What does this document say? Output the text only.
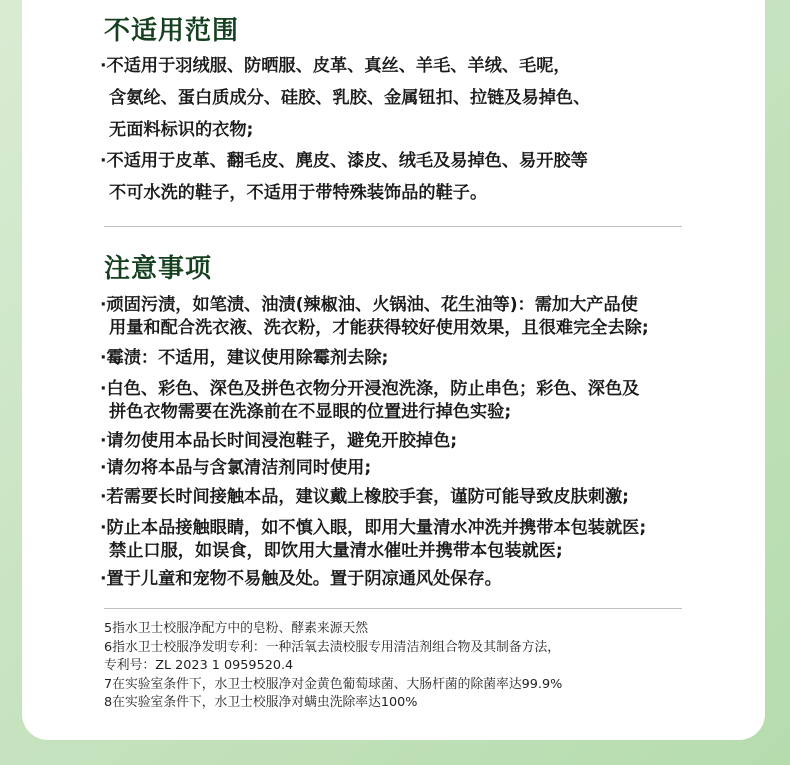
不适用范围

·不适用于羽绒服、防晒服、皮革、真丝、羊毛、羊绒、毛呢，

含氨纶、蛋白质成分、硅胶、乳胶、金属钮扣、拉链及易掉色、

无面料标识的衣物;

·不适用于皮革、翻毛皮、麂皮、漆皮、绒毛及易掉色、易开胶等

不可水洗的鞋子，不适用于带特殊装饰品的鞋子。

注意事项

·顽固污渍，如笔渍、油渍(辣椒油、火锅油、花生油等)：需加大产品使

用量和配合洗衣液、洗衣粉，才能获得较好使用效果，且很难完全去除;

·霉渍：不适用，建议使用除霉剂去除;

·白色、彩色、深色及拼色衣物分开浸泡洗涤，防止串色；彩色、深色及

拼色衣物需要在洗涤前在不显眼的位置进行掉色实验;

·请勿使用本品长时间浸泡鞋子，避免开胶掉色;

·请勿将本品与含氯清洁剂同时使用;

·若需要长时间接触本品，建议戴上橡胶手套，谨防可能导致皮肤刺激;

·防止本品接触眼睛，如不慎入眼，即用大量清水冲洗并携带本包装就医;

禁止口服，如误食，即饮用大量清水催吐并携带本包装就医;

·置于儿童和宠物不易触及处。置于阴凉通风处保存。

5指水卫士校服净配方中的皂粉、酵素来源天然

6指水卫士校服净发明专利：一种活氧去渍校服专用清洁剂组合物及其制备方法，

专利号：ZL 2023 1 0959520.4

7在实验室条件下，水卫士校服净对金黄色葡萄球菌、大肠杆菌的除菌率达99.9%

8在实验室条件下，水卫士校服净对螨虫洗除率达100%
